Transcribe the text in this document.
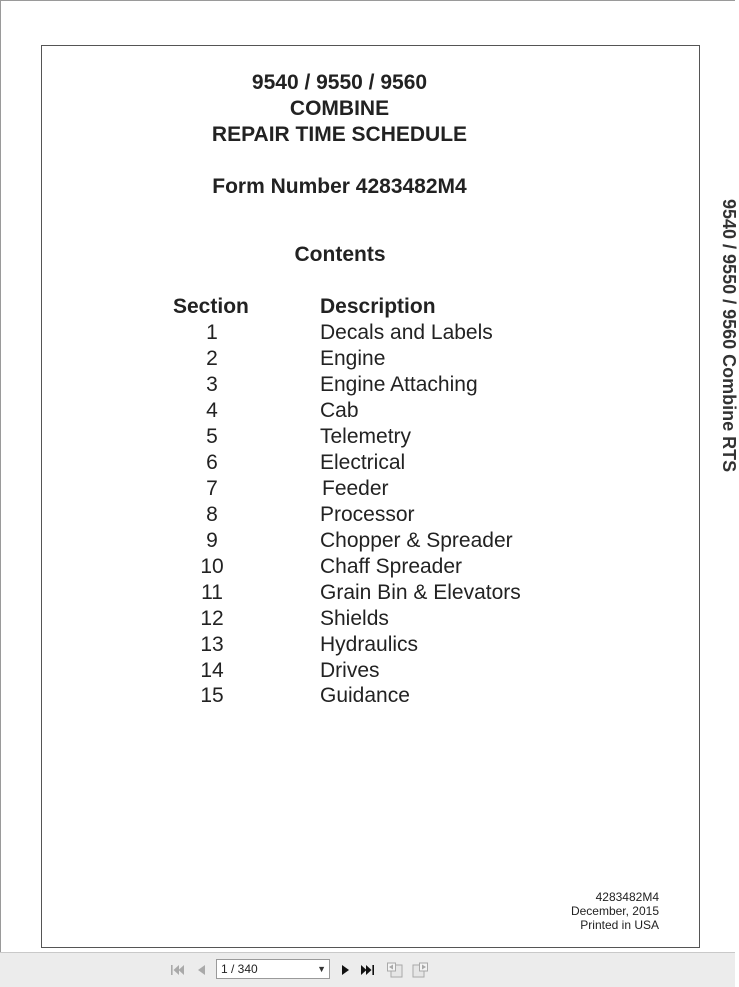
9540 / 9550 / 9560
COMBINE
REPAIR TIME SCHEDULE
Form Number 4283482M4
9540 / 9550 / 9560 Combine RTS
Contents
Section	Description
1	Decals and Labels
2	Engine
3	Engine Attaching
4	Cab
5	Telemetry
6	Electrical
7	Feeder
8	Processor
9	Chopper & Spreader
10	Chaff Spreader
11	Grain Bin & Elevators
12	Shields
13	Hydraulics
14	Drives
15	Guidance
4283482M4
December, 2015
Printed in USA
1 / 340	▼
